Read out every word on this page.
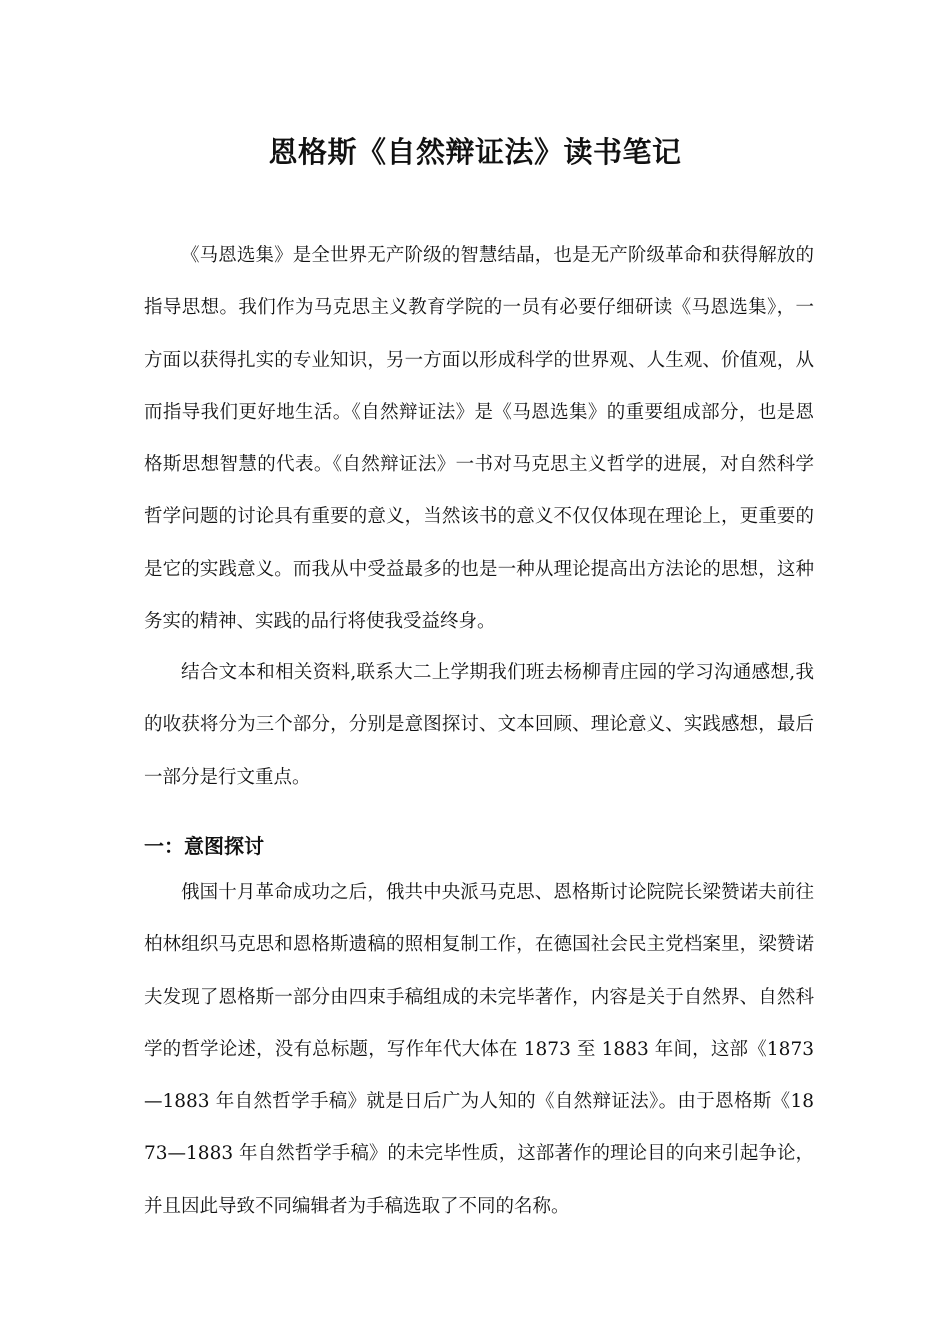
恩格斯《自然辩证法》读书笔记

《马恩选集》是全世界无产阶级的智慧结晶，也是无产阶级革命和获得解放的指导思想。我们作为马克思主义教育学院的一员有必要仔细研读《马恩选集》，一方面以获得扎实的专业知识，另一方面以形成科学的世界观、人生观、价值观，从而指导我们更好地生活。《自然辩证法》是《马恩选集》的重要组成部分，也是恩格斯思想智慧的代表。《自然辩证法》一书对马克思主义哲学的进展，对自然科学哲学问题的讨论具有重要的意义，当然该书的意义不仅仅体现在理论上，更重要的是它的实践意义。而我从中受益最多的也是一种从理论提高出方法论的思想，这种务实的精神、实践的品行将使我受益终身。

结合文本和相关资料,联系大二上学期我们班去杨柳青庄园的学习沟通感想,我的收获将分为三个部分，分别是意图探讨、文本回顾、理论意义、实践感想，最后一部分是行文重点。

一：意图探讨

俄国十月革命成功之后，俄共中央派马克思、恩格斯讨论院院长梁赞诺夫前往柏林组织马克思和恩格斯遗稿的照相复制工作，在德国社会民主党档案里，梁赞诺夫发现了恩格斯一部分由四束手稿组成的未完毕著作，内容是关于自然界、自然科学的哲学论述，没有总标题，写作年代大体在 1873 至 1883 年间，这部《1873—1883 年自然哲学手稿》就是日后广为人知的《自然辩证法》。由于恩格斯《1873—1883 年自然哲学手稿》的未完毕性质，这部著作的理论目的向来引起争论，并且因此导致不同编辑者为手稿选取了不同的名称。
